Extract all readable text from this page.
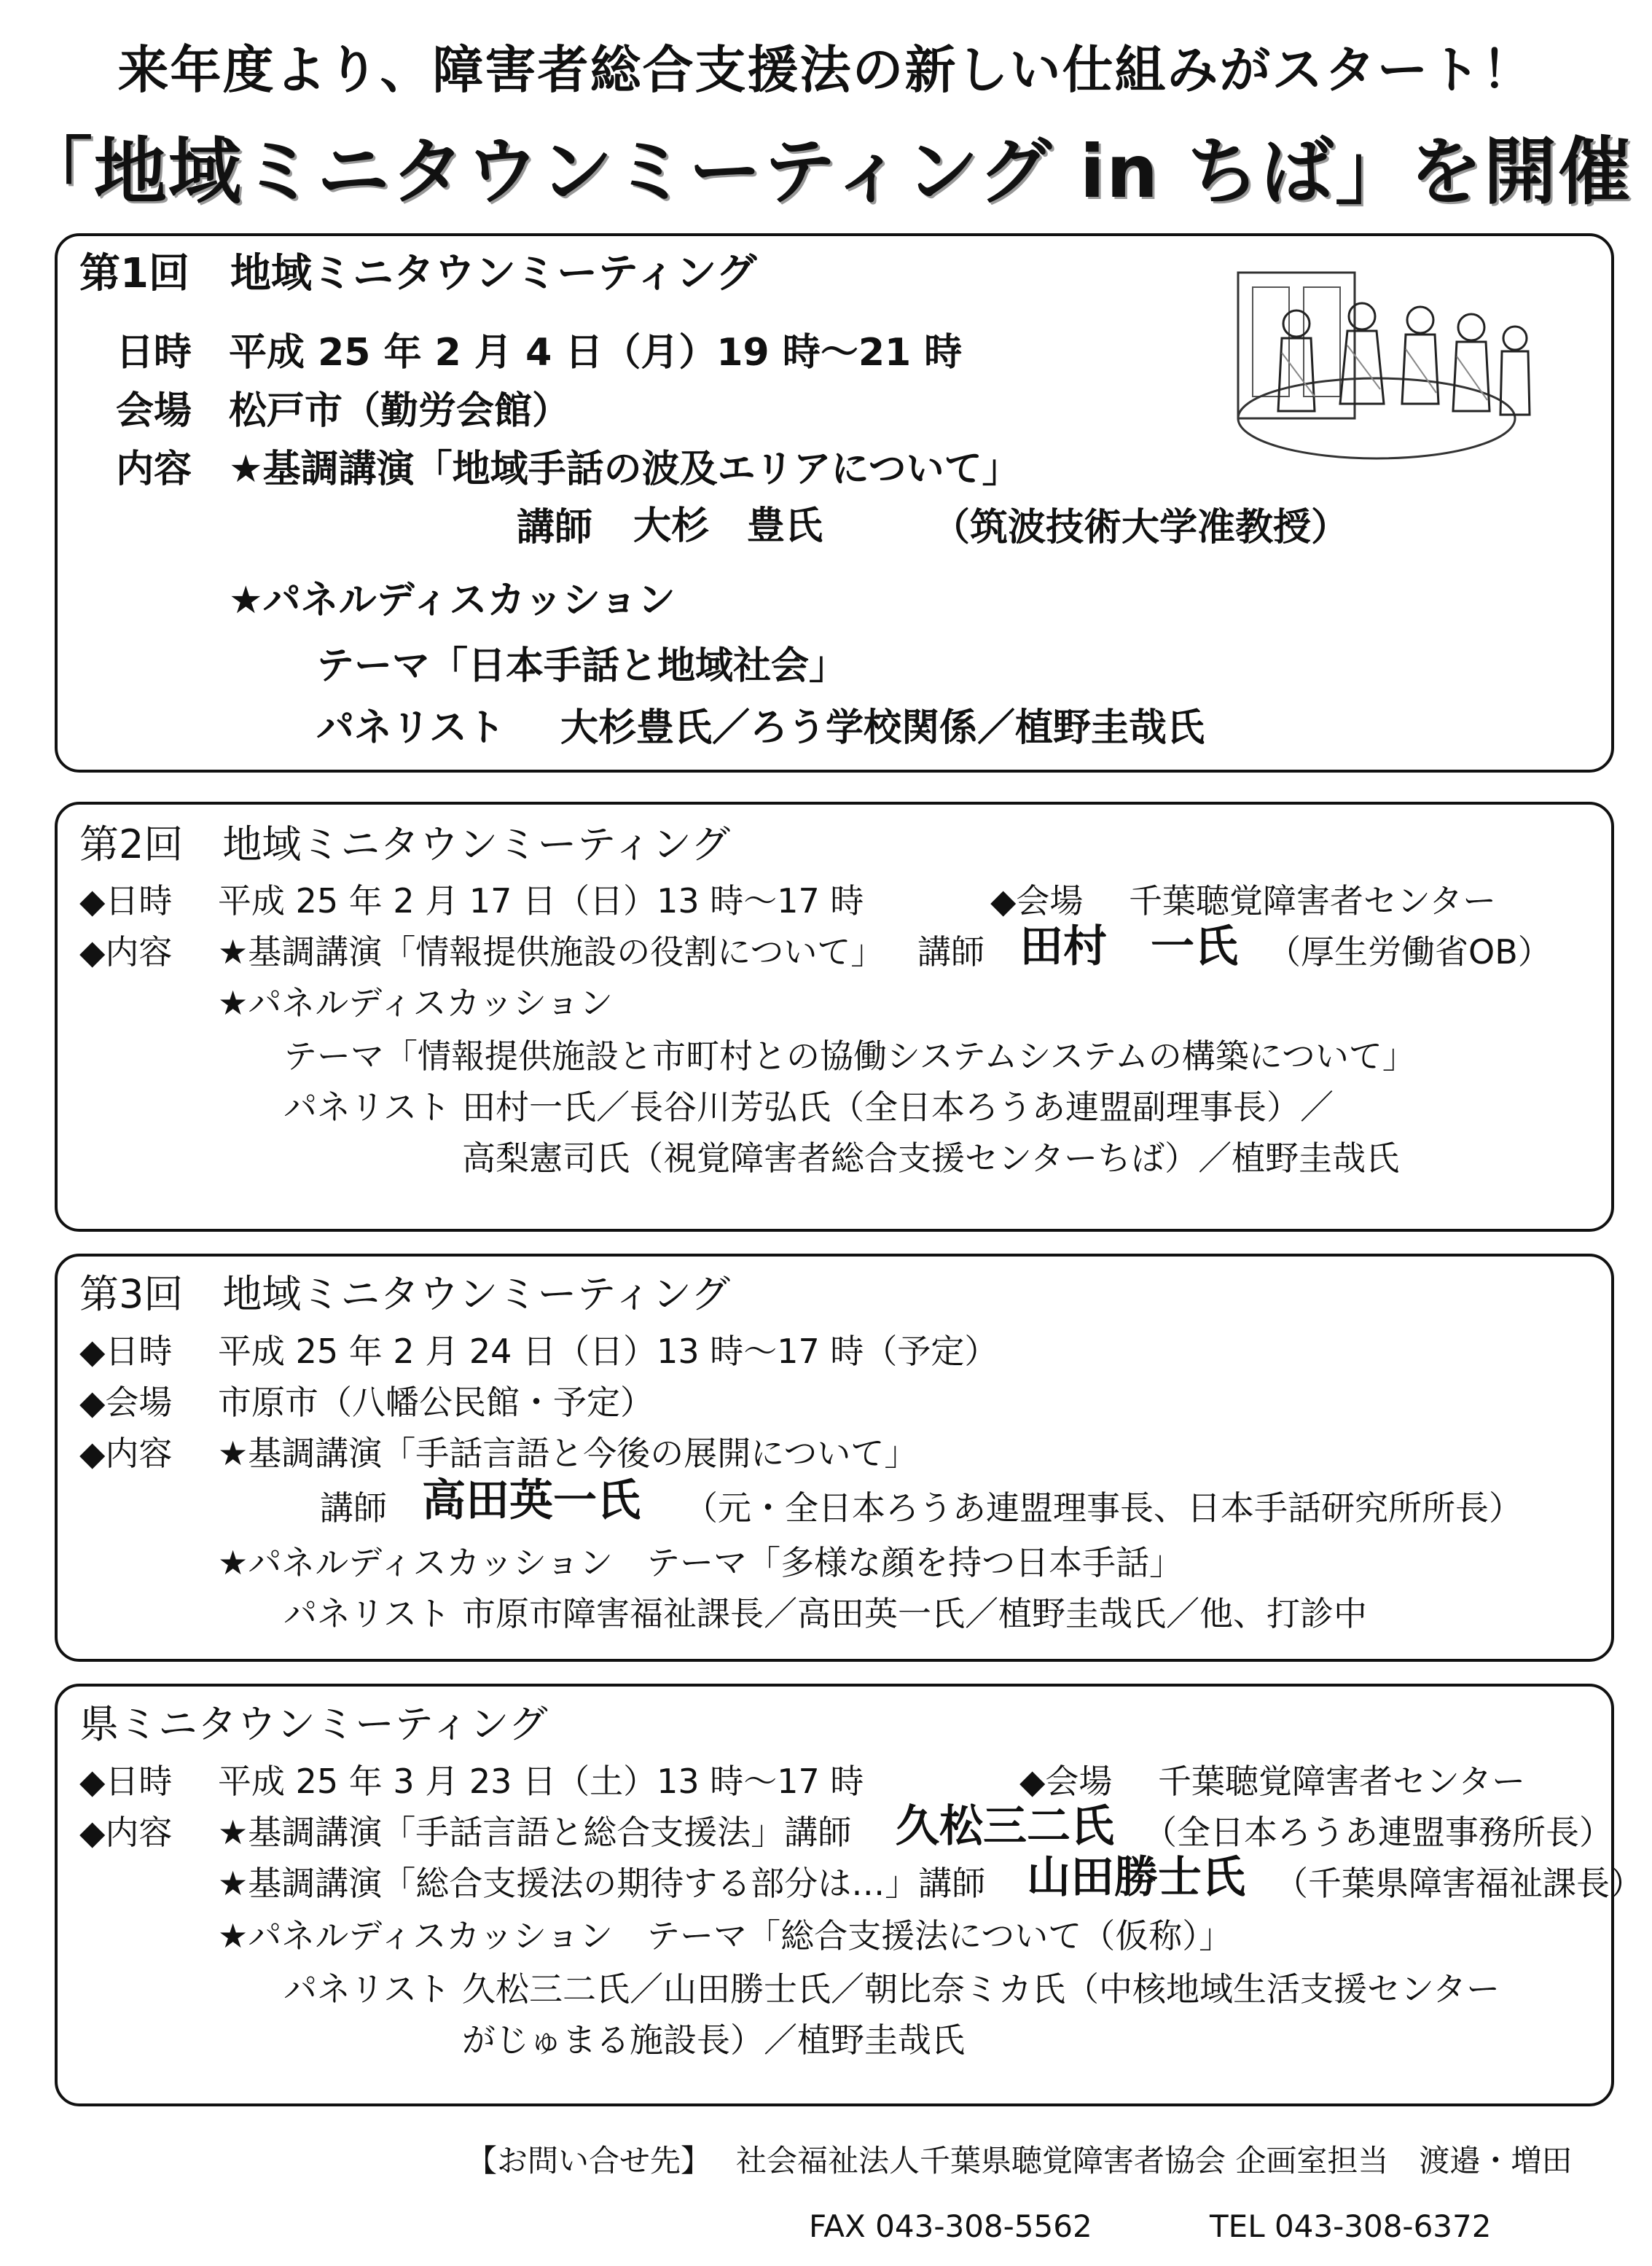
来年度より、障害者総合支援法の新しい仕組みがスタート！
「地域ミニタウンミーティング in ちば」を開催
第1回　地域ミニタウンミーティング
日時 平成 25 年 2 月 4 日（月）19 時～21 時
会場 松戸市（勤労会館）
内容 ★基調講演「地域手話の波及エリアについて」
講師 大杉　豊氏	（筑波技術大学准教授）
★パネルディスカッション
テーマ「日本手話と地域社会」
パネリスト 大杉豊氏／ろう学校関係／植野圭哉氏
第2回　地域ミニタウンミーティング
◆日時 平成 25 年 2 月 17 日（日）13 時～17 時	◆会場 千葉聴覚障害者センター
◆内容 ★基調講演「情報提供施設の役割について」 講師 田村　一氏 （厚生労働省OB）
★パネルディスカッション
テーマ「情報提供施設と市町村との協働システムシステムの構築について」
パネリスト 田村一氏／長谷川芳弘氏（全日本ろうあ連盟副理事長）／
高梨憲司氏（視覚障害者総合支援センターちば）／植野圭哉氏
第3回　地域ミニタウンミーティング
◆日時 平成 25 年 2 月 24 日（日）13 時～17 時（予定）
◆会場 市原市（八幡公民館・予定）
◆内容 ★基調講演「手話言語と今後の展開について」
講師 高田英一氏 （元・全日本ろうあ連盟理事長、日本手話研究所所長）
★パネルディスカッション　テーマ「多様な顔を持つ日本手話」
パネリスト 市原市障害福祉課長／高田英一氏／植野圭哉氏／他、打診中
県ミニタウンミーティング
◆日時 平成 25 年 3 月 23 日（土）13 時～17 時	◆会場 千葉聴覚障害者センター
◆内容 ★基調講演「手話言語と総合支援法」講師 久松三二氏 （全日本ろうあ連盟事務所長）
★基調講演「総合支援法の期待する部分は…」講師 山田勝士氏 （千葉県障害福祉課長）
★パネルディスカッション　テーマ「総合支援法について（仮称）」
パネリスト 久松三二氏／山田勝士氏／朝比奈ミカ氏（中核地域生活支援センター
がじゅまる施設長）／植野圭哉氏
【お問い合せ先】 社会福祉法人千葉県聴覚障害者協会 企画室担当　渡邉・増田
FAX 043-308-5562	TEL 043-308-6372
